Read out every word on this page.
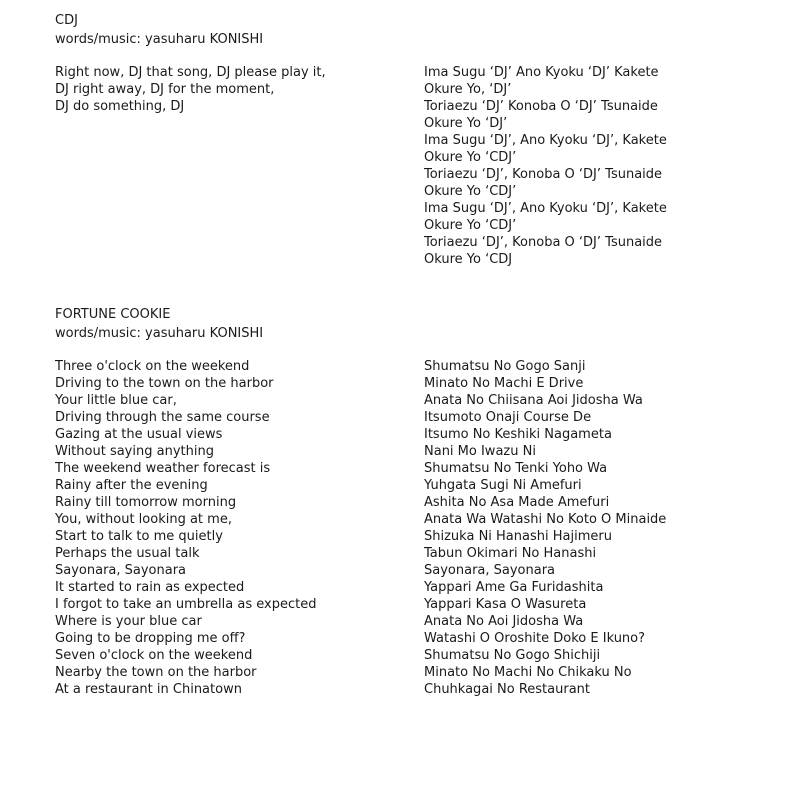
CDJ
words/music: yasuharu KONISHI
Right now, DJ that song, DJ please play it,
DJ right away, DJ for the moment,
DJ do something, DJ
Ima Sugu ‘DJ’ Ano Kyoku ‘DJ’ Kakete
Okure Yo, ‘DJ’
Toriaezu ‘DJ’ Konoba O ‘DJ’ Tsunaide
Okure Yo ‘DJ’
Ima Sugu ‘DJ’, Ano Kyoku ‘DJ’, Kakete
Okure Yo ‘CDJ’
Toriaezu ‘DJ’, Konoba O ‘DJ’ Tsunaide
Okure Yo ‘CDJ’
Ima Sugu ‘DJ’, Ano Kyoku ‘DJ’, Kakete
Okure Yo ‘CDJ’
Toriaezu ‘DJ’, Konoba O ‘DJ’ Tsunaide
Okure Yo ‘CDJ
FORTUNE COOKIE
words/music: yasuharu KONISHI
Three o'clock on the weekend
Driving to the town on the harbor
Your little blue car,
Driving through the same course
Gazing at the usual views
Without saying anything
The weekend weather forecast is
Rainy after the evening
Rainy till tomorrow morning
You, without looking at me,
Start to talk to me quietly
Perhaps the usual talk
Sayonara, Sayonara
It started to rain as expected
I forgot to take an umbrella as expected
Where is your blue car
Going to be dropping me off?
Seven o'clock on the weekend
Nearby the town on the harbor
At a restaurant in Chinatown
Shumatsu No Gogo Sanji
Minato No Machi E Drive
Anata No Chiisana Aoi Jidosha Wa
Itsumoto Onaji Course De
Itsumo No Keshiki Nagameta
Nani Mo Iwazu Ni
Shumatsu No Tenki Yoho Wa
Yuhgata Sugi Ni Amefuri
Ashita No Asa Made Amefuri
Anata Wa Watashi No Koto O Minaide
Shizuka Ni Hanashi Hajimeru
Tabun Okimari No Hanashi
Sayonara, Sayonara
Yappari Ame Ga Furidashita
Yappari Kasa O Wasureta
Anata No Aoi Jidosha Wa
Watashi O Oroshite Doko E Ikuno?
Shumatsu No Gogo Shichiji
Minato No Machi No Chikaku No
Chuhkagai No Restaurant
